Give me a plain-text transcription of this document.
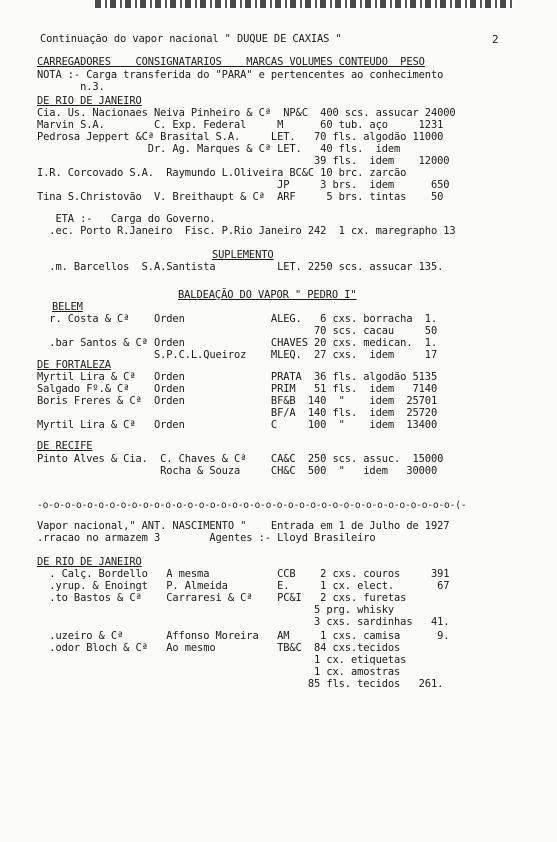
Continuação do vapor nacional " DUQUE DE CAXIAS "	2
CARREGADORES    CONSIGNATARIOS    MARCAS VOLUMES CONTEUDO  PESO
NOTA :- Carga transferida do "PARA" e pertencentes ao conhecimento
n.3.
DE RIO DE JANEIRO
Cia. Us. Nacionaes Neiva Pinheiro & Cª  NP&C  400 scs. assucar 24000
Marvin S.A.        C. Exp. Federal     M      60 tub. aço     1231
Pedrosa Jeppert &Cª Brasital S.A.     LET.   70 fls. algodão 11000
Dr. Ag. Marques & Cª LET.   40 fls.  idem
39 fls.  idem    12000
I.R. Corcovado S.A.  Raymundo L.Oliveira BC&C 10 brc. zarcão
JP     3 brs.  idem      650
Tina S.Christovão  V. Breithaupt & Cª  ARF     5 brs. tintas    50
ETA :-   Carga do Governo.
.ec. Porto R.Janeiro  Fisc. P.Rio Janeiro 242  1 cx. maregrapho 13
SUPLEMENTO
.m. Barcellos  S.A.Santista          LET. 2250 scs. assucar 135.
BALDEAÇÃO DO VAPOR " PEDRO I"
BELEM
r. Costa & Cª    Orden              ALEG.   6 cxs. borracha  1.
70 scs. cacau     50
.bar Santos & Cª Orden              CHAVES 20 cxs. medican.  1.
S.P.C.L.Queiroz    MLEQ.  27 cxs.  idem     17
DE FORTALEZA
Myrtil Lira & Cª   Orden              PRATA  36 fls. algodão 5135
Salgado Fº.& Cª    Orden              PRIM   51 fls.  idem   7140
Boris Freres & Cª  Orden              BF&B  140  "    idem  25701
BF/A  140 fls.  idem  25720
Myrtil Lira & Cª   Orden              C     100  "    idem  13400
DE RECIFE
Pinto Alves & Cia.  C. Chaves & Cª    CA&C  250 scs. assuc.  15000
Rocha & Souza     CH&C  500  "   idem   30000
-o-o-o-o-o-o-o-o-o-o-o-o-o-o-o-o-o-o-o-o-o-o-o-o-o-o-o-o-o-o-o-o-o-o-o-o-o-(-
Vapor nacional," ANT. NASCIMENTO "    Entrada em 1 de Julho de 1927
.rracao no armazem 3        Agentes :- Lloyd Brasileiro
DE RIO DE JANEIRO
. Calç. Bordello   A mesma           CCB    2 cxs. couros     391
.yrup. & Enoingt   P. Almeida        E.     1 cx. elect.       67
.to Bastos & Cª    Carraresi & Cª    PC&I   2 cxs. furetas
5 prg. whisky
3 cxs. sardinhas   41.
.uzeiro & Cª       Affonso Moreira   AM     1 cxs. camisa      9.
.odor Bloch & Cª   Ao mesmo          TB&C  84 cxs.tecidos
1 cx. etiquetas
1 cx. amostras
85 fls. tecidos   261.
